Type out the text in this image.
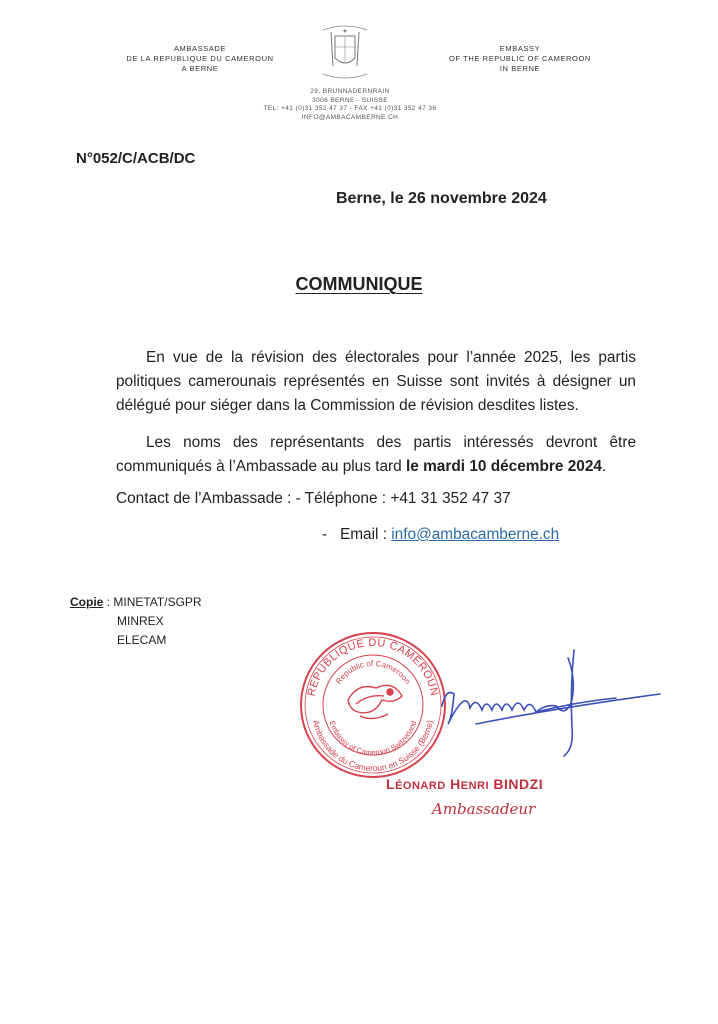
AMBASSADE
DE LA REPUBLIQUE DU CAMEROUN
A BERNE
EMBASSY
OF THE REPUBLIC OF CAMEROON
IN BERNE
29, BRUNNADERNRAIN
3006 BERNE - SUISSE
TEL: +41 (0)31 352 47 37 - FAX +41 (0)31 352 47 36
INFO@AMBACAMBERNE.CH
N°052/C/ACB/DC
Berne, le 26 novembre 2024
COMMUNIQUE
En vue de la révision des électorales pour l’année 2025, les partis politiques camerounais représentés en Suisse sont invités à désigner un délégué pour siéger dans la Commission de révision desdites listes.
Les noms des représentants des partis intéressés devront être communiqués à l’Ambassade au plus tard le mardi 10 décembre 2024.
Contact de l’Ambassade : - Téléphone : +41 31 352 47 37
-   Email : info@ambacamberne.ch
Copie : MINETAT/SGPR
MINREX
ELECAM
REPUBLIQUE DU CAMEROUN
Ambassade du Cameroun en Suisse (Berne)
Republic of Cameroon
Embassy of Cameroon Switzerland
LÉONARD HENRI BINDZI
Ambassadeur
